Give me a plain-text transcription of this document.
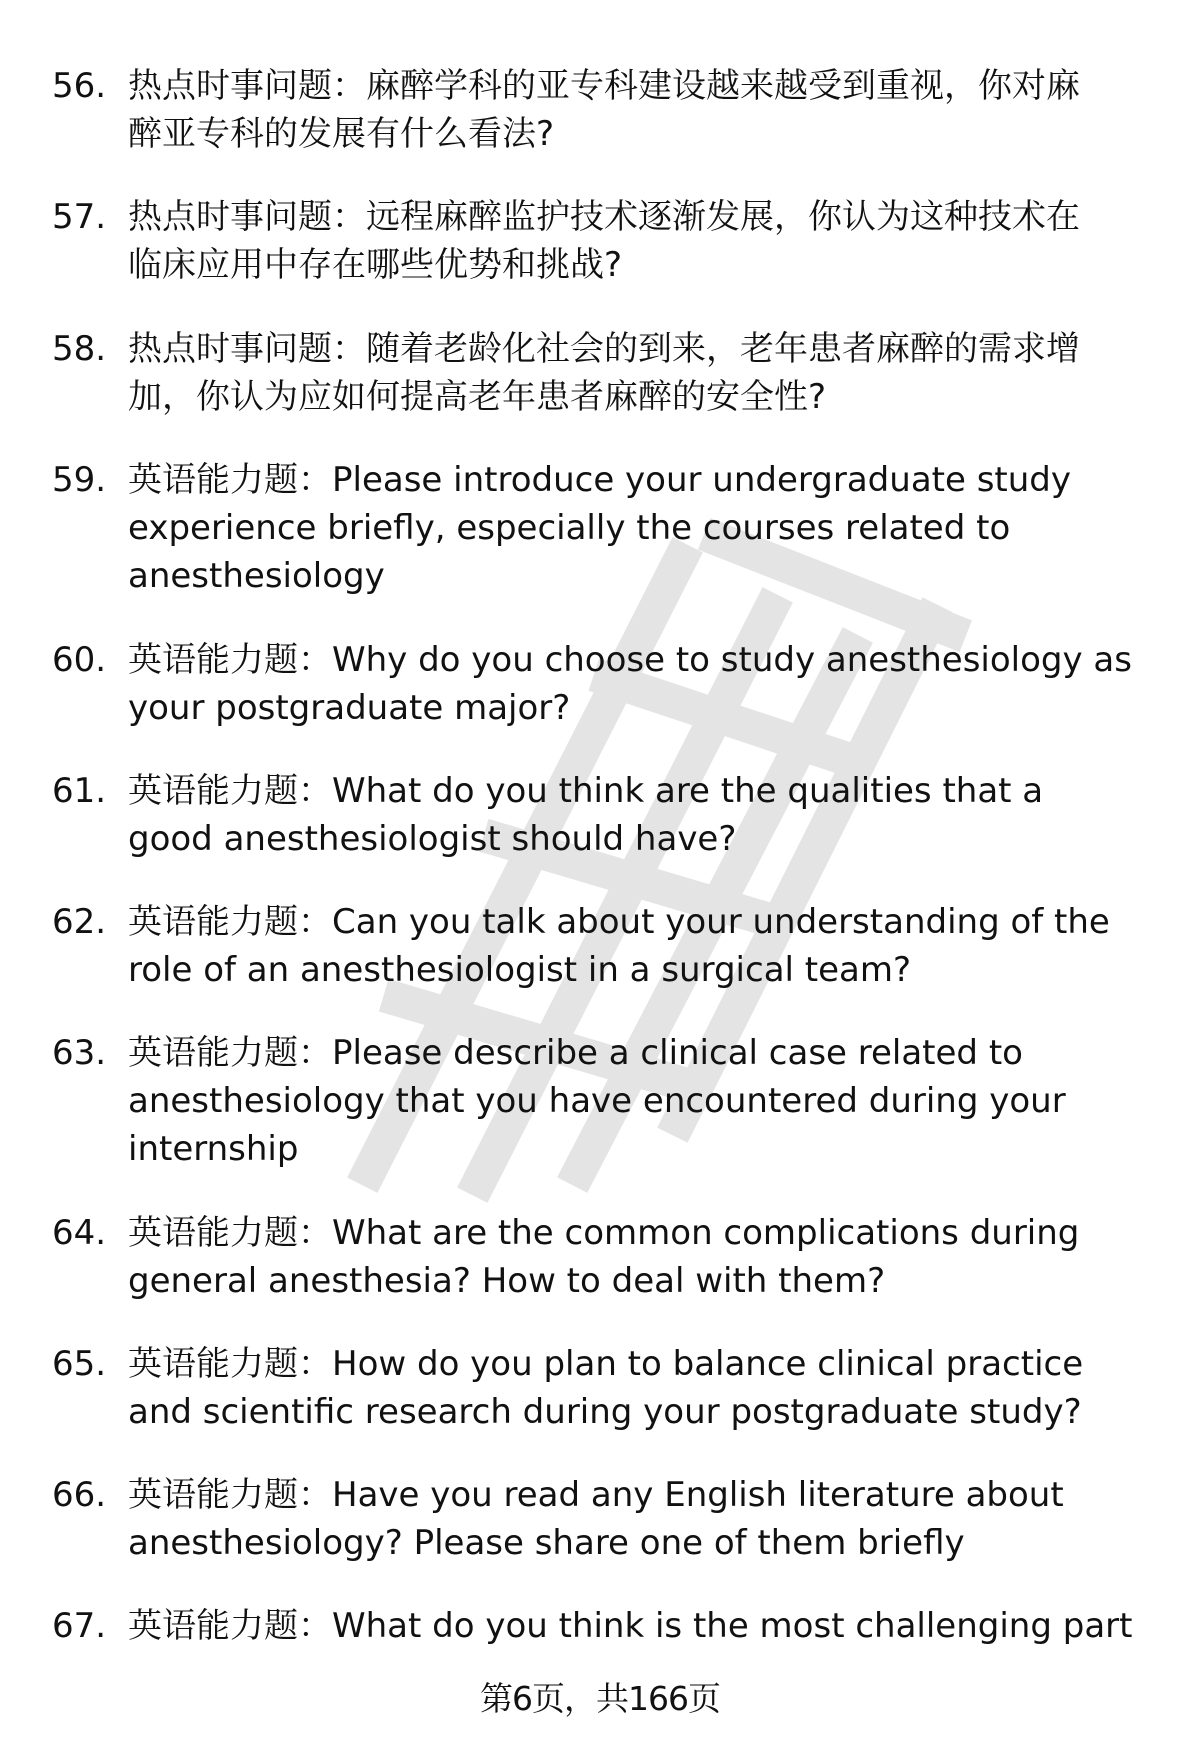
56. 热点时事问题：麻醉学科的亚专科建设越来越受到重视，你对麻
醉亚专科的发展有什么看法?
57. 热点时事问题：远程麻醉监护技术逐渐发展，你认为这种技术在
临床应用中存在哪些优势和挑战?
58. 热点时事问题：随着老龄化社会的到来，老年患者麻醉的需求增
加，你认为应如何提高老年患者麻醉的安全性?
59. 英语能力题：Please introduce your undergraduate study
experience briefly, especially the courses related to
anesthesiology
60. 英语能力题：Why do you choose to study anesthesiology as
your postgraduate major?
61. 英语能力题：What do you think are the qualities that a
good anesthesiologist should have?
62. 英语能力题：Can you talk about your understanding of the
role of an anesthesiologist in a surgical team?
63. 英语能力题：Please describe a clinical case related to
anesthesiology that you have encountered during your
internship
64. 英语能力题：What are the common complications during
general anesthesia? How to deal with them?
65. 英语能力题：How do you plan to balance clinical practice
and scientific research during your postgraduate study?
66. 英语能力题：Have you read any English literature about
anesthesiology? Please share one of them briefly
67. 英语能力题：What do you think is the most challenging part
第6页，共166页
